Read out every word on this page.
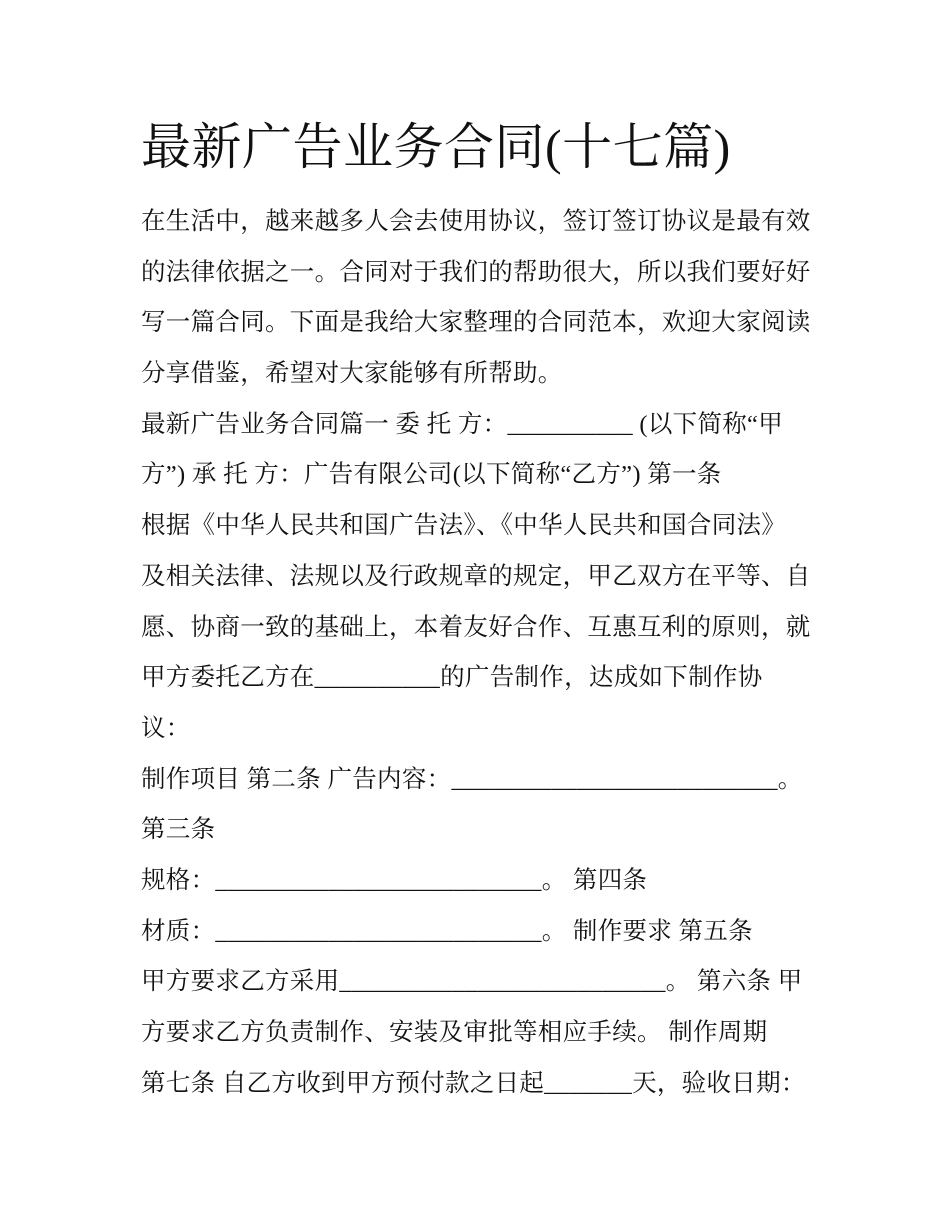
最新广告业务合同(十七篇)
在生活中，越来越多人会去使用协议，签订签订协议是最有效
的法律依据之一。合同对于我们的帮助很大，所以我们要好好
写一篇合同。下面是我给大家整理的合同范本，欢迎大家阅读
分享借鉴，希望对大家能够有所帮助。
最新广告业务合同篇一 委 托 方：__________ (以下简称“甲
方”) 承 托 方：广告有限公司(以下简称“乙方”) 第一条
根据《中华人民共和国广告法》、《中华人民共和国合同法》
及相关法律、法规以及行政规章的规定，甲乙双方在平等、自
愿、协商一致的基础上，本着友好合作、互惠互利的原则，就
甲方委托乙方在__________的广告制作，达成如下制作协
议：
制作项目 第二条 广告内容：__________________________。
第三条
规格：__________________________。 第四条
材质：__________________________。 制作要求 第五条
甲方要求乙方采用__________________________。 第六条 甲
方要求乙方负责制作、安装及审批等相应手续。 制作周期
第七条 自乙方收到甲方预付款之日起_______天，验收日期：
